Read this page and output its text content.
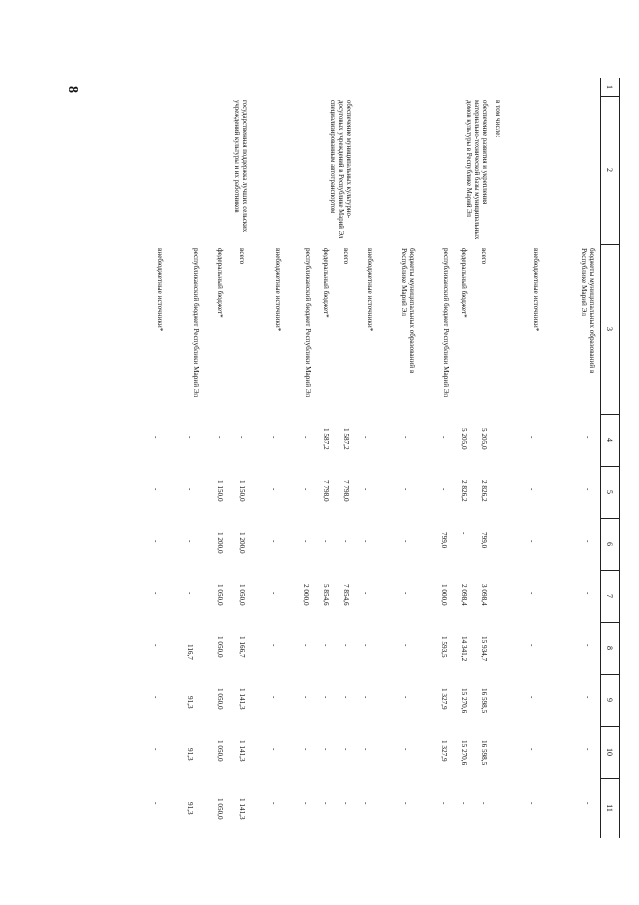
8	1
2
3
4
5
6
7
8
9
10
11
бюджеты муниципальных образований в Республике Марий Эл
-
-
-
-
-
-
-
-
внебюджетные источники*
-
-
-
-
-
-
-
-
в том числе:
обеспечение развития и укрепления материально-технической базы муниципальных домов культуры в Республике Марий Эл
всего
5 205,0
2 826,2
799,0
3 098,4
15 934,7
16 598,5
16 598,5
-
федеральный бюджет*
5 205,0
2 826,2
-
2 098,4
14 341,2
15 270,6
15 270,6
-
республиканский бюджет Республики Марий Эл
-
-
799,0
1 000,0
1 593,5
1 327,9
1 327,9
-
бюджеты муниципальных образований в Республике Марий Эл
-
-
-
-
-
-
-
-
внебюджетные источники*
-
-
-
-
-
-
-
-
обеспечение муниципальных культурно-досуговых учреждений в Республике Марий Эл специализированным автотранспортом
всего
1 587,2
7 798,0
-
7 854,6
-
-
-
-
федеральный бюджет*
1 587,2
7 798,0
-
5 854,6
-
-
-
-
республиканский бюджет Республики Марий Эл
-
-
-
2 000,0
-
-
-
-
внебюджетные источники*
-
-
-
-
-
-
-
-
государственная поддержка лучших сельских учреждений культуры и их работников
всего
-
1 150,0
1 200,0
1 050,0
1 166,7
1 141,3
1 141,3
1 141,3
федеральный бюджет*
-
1 150,0
1 200,0
1 050,0
1 050,0
1 050,0
1 050,0
1 050,0
республиканский бюджет Республики Марий Эл
-
-
-
-
116,7
91,3
91,3
91,3
внебюджетные источники*
-
-
-
-
-
-
-
-
